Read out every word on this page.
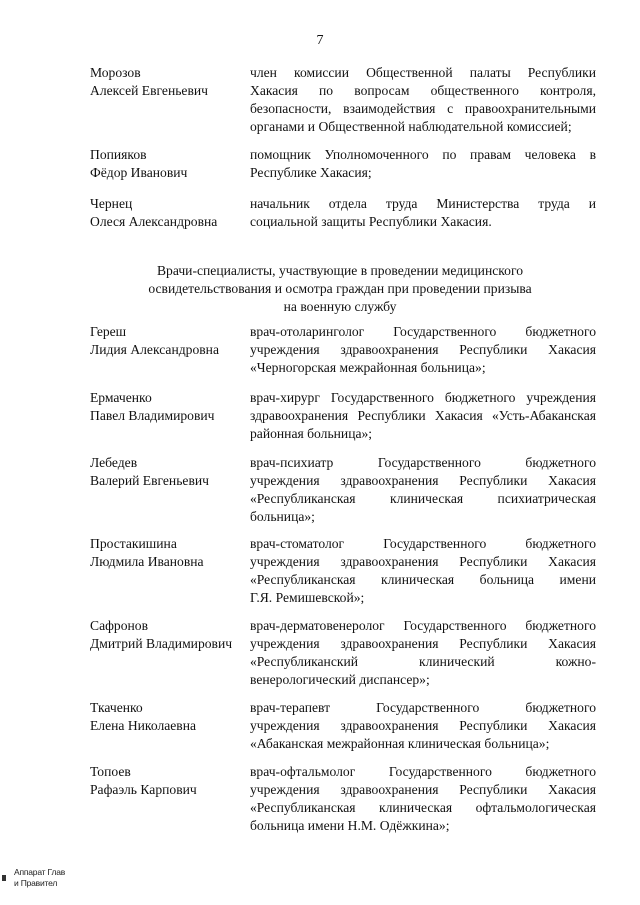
7
Морозов
Алексей Евгеньевич
член комиссии Общественной палаты Республики
Хакасия по вопросам общественного контроля,
безопасности, взаимодействия с правоохранительными
органами и Общественной наблюдательной комиссией;
Попияков
Фёдор Иванович
помощник Уполномоченного по правам человека в
Республике Хакасия;
Чернец
Олеся Александровна
начальник отдела труда Министерства труда и
социальной защиты Республики Хакасия.
Врачи-специалисты, участвующие в проведении медицинского
освидетельствования и осмотра граждан при проведении призыва
на военную службу
Гереш
Лидия Александровна
врач-отоларинголог Государственного бюджетного
учреждения здравоохранения Республики Хакасия
«Черногорская межрайонная больница»;
Ермаченко
Павел Владимирович
врач-хирург Государственного бюджетного учреждения
здравоохранения Республики Хакасия «Усть-Абаканская
районная больница»;
Лебедев
Валерий Евгеньевич
врач-психиатр Государственного бюджетного
учреждения здравоохранения Республики Хакасия
«Республиканская клиническая психиатрическая
больница»;
Простакишина
Людмила Ивановна
врач-стоматолог Государственного бюджетного
учреждения здравоохранения Республики Хакасия
«Республиканская клиническая больница имени
Г.Я. Ремишевской»;
Сафронов
Дмитрий Владимирович
врач-дерматовенеролог Государственного бюджетного
учреждения здравоохранения Республики Хакасия
«Республиканский клинический кожно-
венерологический диспансер»;
Ткаченко
Елена Николаевна
врач-терапевт Государственного бюджетного
учреждения здравоохранения Республики Хакасия
«Абаканская межрайонная клиническая больница»;
Топоев
Рафаэль Карпович
врач-офтальмолог Государственного бюджетного
учреждения здравоохранения Республики Хакасия
«Республиканская клиническая офтальмологическая
больница имени Н.М. Одёжкина»;
Аппарат Глав
и Правител
